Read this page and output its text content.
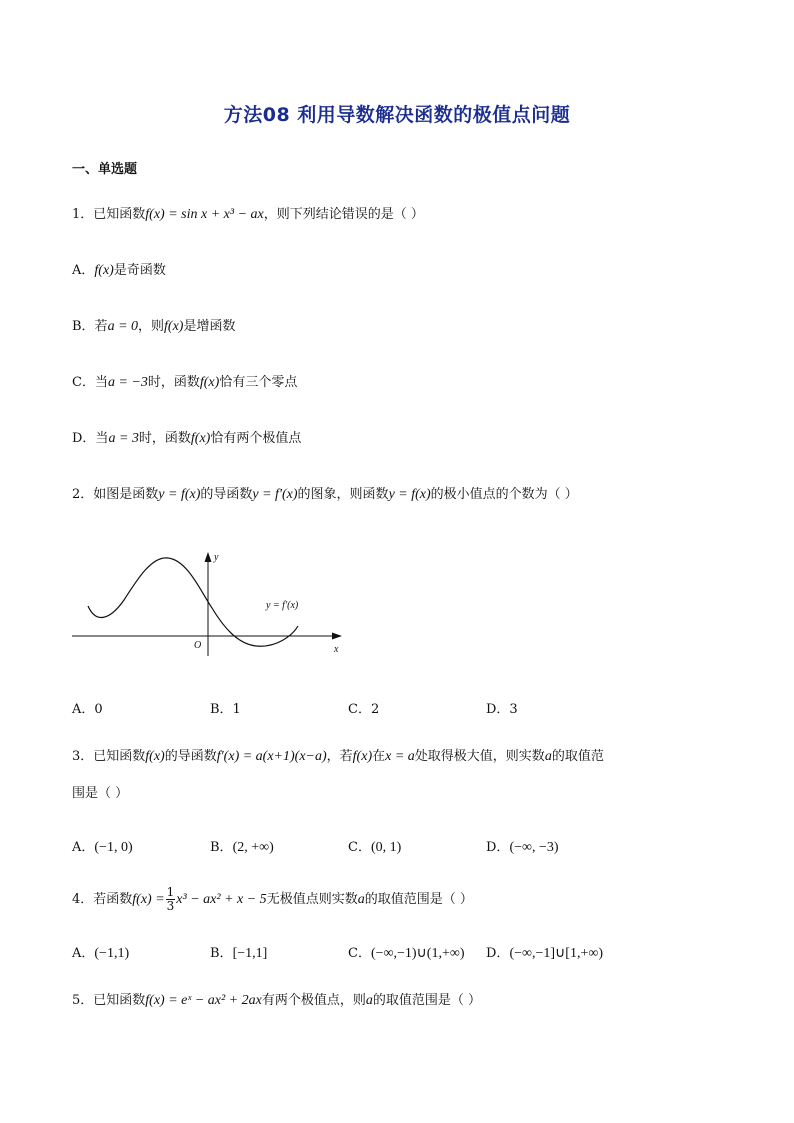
方法08 利用导数解决函数的极值点问题
一、单选题
1．已知函数f(x) = sin x + x³ − ax，则下列结论错误的是（ ）
A．f(x)是奇函数
B．若a = 0，则f(x)是增函数
C．当a = −3时，函数f(x)恰有三个零点
D．当a = 3时，函数f(x)恰有两个极值点
2．如图是函数y = f(x)的导函数y = f′(x)的图象，则函数y = f(x)的极小值点的个数为（ ）
y
x
O
y = f′(x)
A．0	B．1	C．2	D．3
3．已知函数f(x)的导函数f′(x) = a(x+1)(x−a)，若f(x)在x = a处取得极大值，则实数a的取值范
围是（ ）
A．(−1, 0)	B．(2, +∞)	C．(0, 1)	D．(−∞, −3)
4．若函数$f(x) = \frac{1}{3} x^3 - ax^2 + x - 5$无极值点则实数a的取值范围是（ ）
A．(−1,1)	B．[−1,1]	C．(−∞,−1)∪(1,+∞) D．(−∞,−1]∪[1,+∞)
5．已知函数f(x) = eˣ − ax² + 2ax有两个极值点，则a的取值范围是（ ）
